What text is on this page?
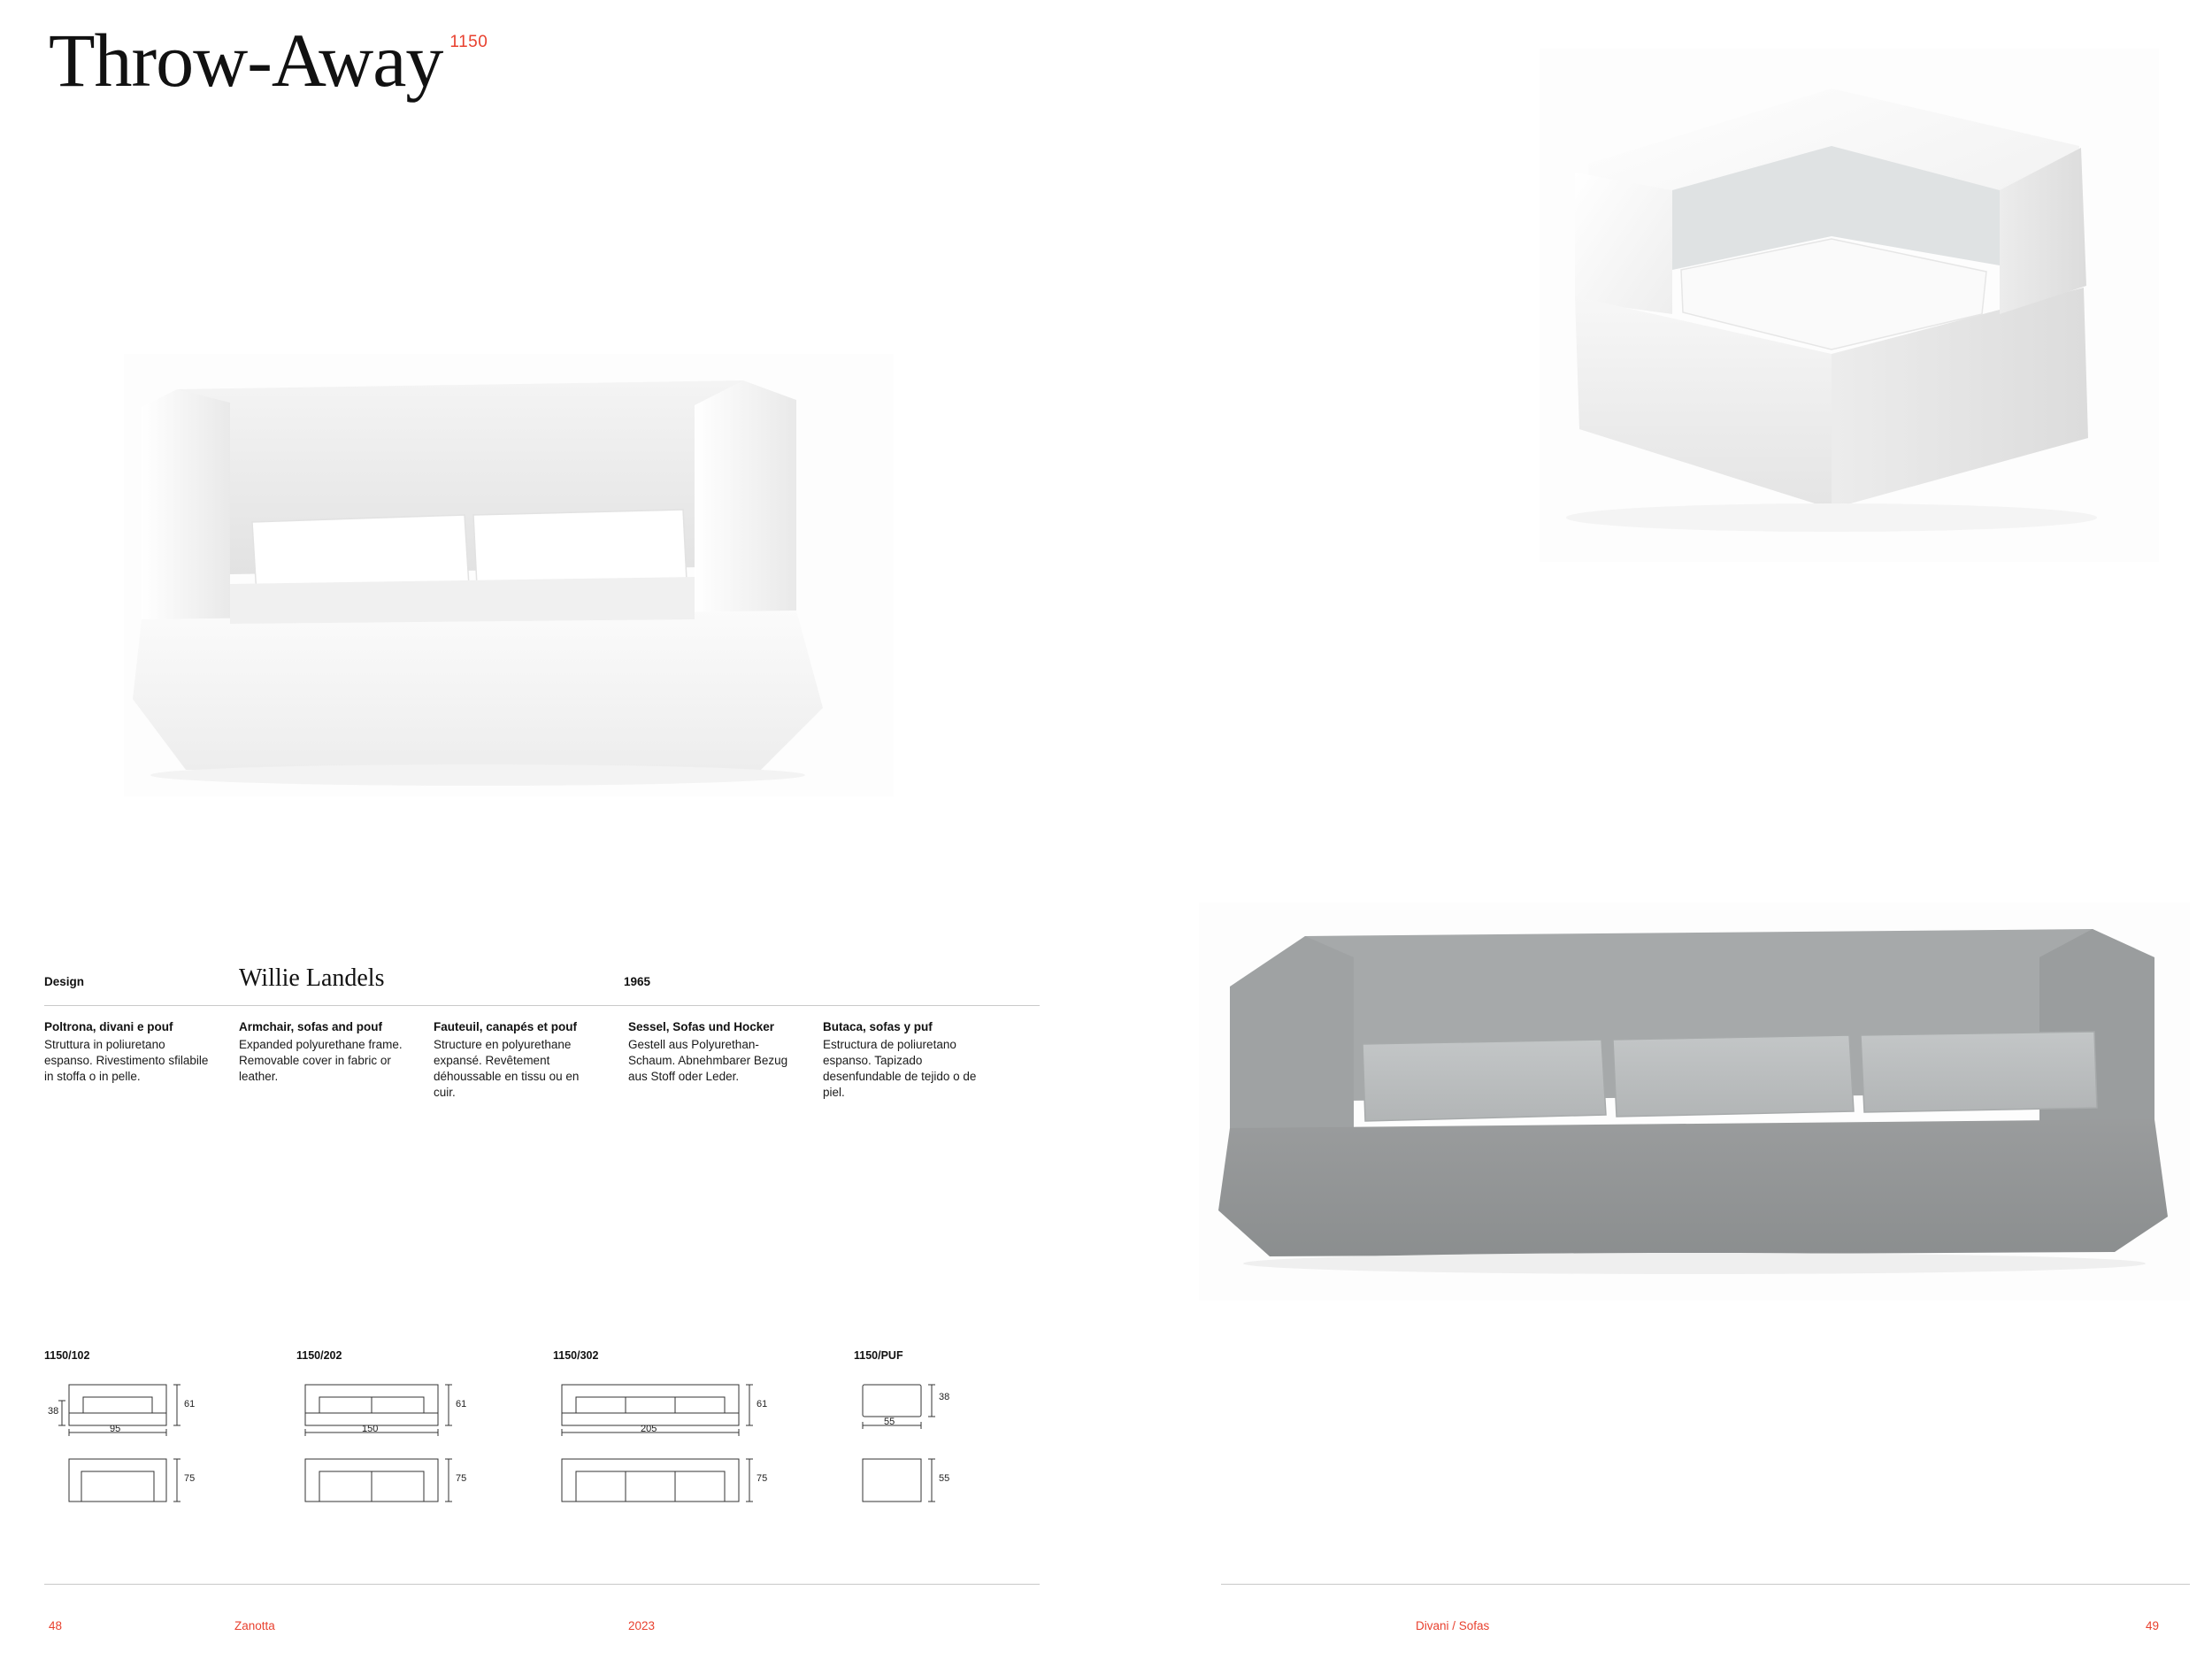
Throw-Away 1150
Design	Willie Landels	1965
Poltrona, divani e pouf

Struttura in poliuretano espanso. Rivestimento sfilabile in stoffa o in pelle.

Armchair, sofas and pouf

Expanded polyurethane frame. Removable cover in fabric or leather.

Fauteuil, canapés et pouf

Structure en polyurethane expansé. Revêtement déhoussable en tissu ou en cuir.

Sessel, Sofas und Hocker

Gestell aus Polyurethan-Schaum. Abnehmbarer Bezug aus Stoff oder Leder.

Butaca, sofas y puf

Estructura de poliuretano espanso. Tapizado desenfundable de tejido o de piel.

1150/102
38
61
95
75
1150/202
61
150
75
1150/302
61
205
75
1150/PUF
38
55
55
48	Zanotta	2023	Divani / Sofas	49
